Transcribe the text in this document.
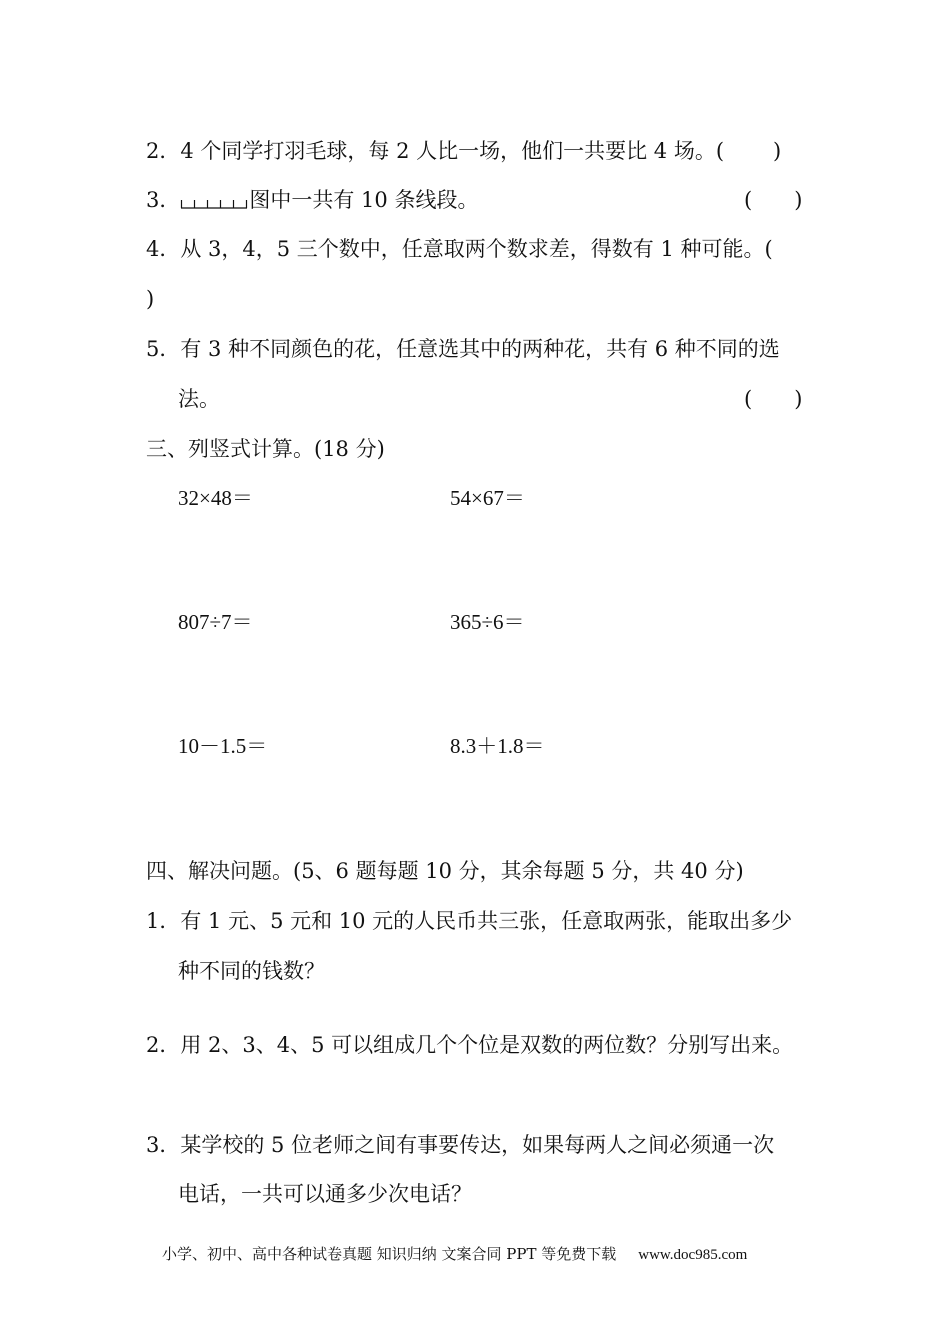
2．4 个同学打羽毛球，每 2 人比一场，他们一共要比 4 场。( )
3．	图中一共有 10 条线段。	(　　)
4．从 3，4，5 三个数中，任意取两个数求差，得数有 1 种可能。(
)
5．有 3 种不同颜色的花，任意选其中的两种花，共有 6 种不同的选
法。	(　　)
三、列竖式计算。(18 分)
32×48＝	54×67＝
807÷7＝	365÷6＝
10－1.5＝	8.3＋1.8＝
四、解决问题。(5、6 题每题 10 分，其余每题 5 分，共 40 分)
1．有 1 元、5 元和 10 元的人民币共三张，任意取两张，能取出多少
种不同的钱数？
2．用 2、3、4、5 可以组成几个个位是双数的两位数？分别写出来。
3．某学校的 5 位老师之间有事要传达，如果每两人之间必须通一次
电话，一共可以通多少次电话？
小学、初中、高中各种试卷真题 知识归纳 文案合同 PPT 等免费下载 www.doc985.com
